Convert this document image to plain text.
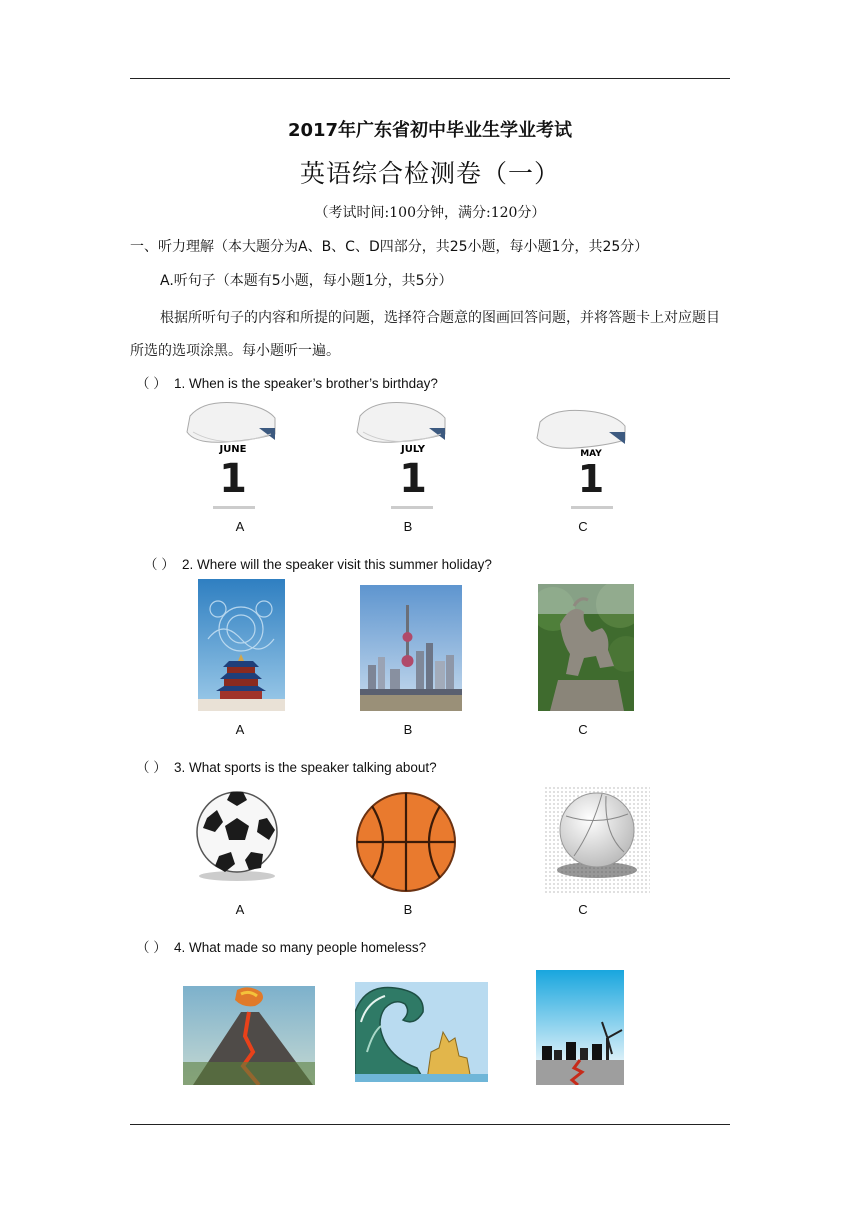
2017年广东省初中毕业生学业考试
英语综合检测卷（一）
（考试时间:100分钟，满分:120分）
一、听力理解（本大题分为A、B、C、D四部分，共25小题，每小题1分，共25分）
A.听句子（本题有5小题，每小题1分，共5分）
根据所听句子的内容和所提的问题，选择符合题意的图画回答问题，并将答题卡上对应题目所选的选项涂黑。每小题听一遍。
（ ） 1. When is the speaker’s brother’s birthday?
JUNE
1
JULY
1
MAY
1
A	B	C
（ ） 2. Where will the speaker visit this summer holiday?
A	B	C
（ ） 3. What sports is the speaker talking about?
A	B	C
（ ） 4. What made so many people homeless?
